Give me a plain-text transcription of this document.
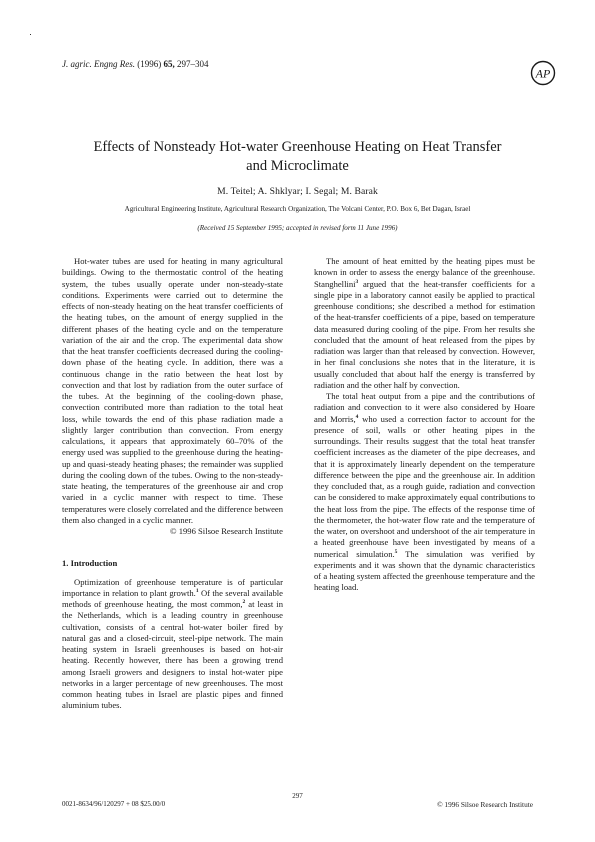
J. agric. Engng Res. (1996) 65, 297–304
AP
Effects of Nonsteady Hot-water Greenhouse Heating on Heat Transfer
and Microclimate
M. Teitel; A. Shklyar; I. Segal; M. Barak
Agricultural Engineering Institute, Agricultural Research Organization, The Volcani Center, P.O. Box 6, Bet Dagan, Israel
(Received 15 September 1995; accepted in revised form 11 June 1996)

Hot-water tubes are used for heating in many agricultural buildings. Owing to the thermostatic control of the heating system, the tubes usually operate under non-steady-state conditions. Experiments were carried out to determine the effects of non-steady heating on the heat transfer coefficients of the heating tubes, on the amount of energy supplied in the different phases of the heating cycle and on the temperature variation of the air and the crop. The experimental data show that the heat transfer coefficients decreased during the cooling-down phase of the heating cycle. In addition, there was a continuous change in the ratio between the heat lost by convection and that lost by radiation from the outer surface of the tubes. At the beginning of the cooling-down phase, convection contributed more than radiation to the total heat loss, while towards the end of this phase radiation made a slightly larger contribution than convection. From energy calculations, it appears that approximately 60–70% of the energy used was supplied to the greenhouse during the heating-up and quasi-steady heating phases; the remainder was supplied during the cooling down of the tubes. Owing to the non-steady-state heating, the temperatures of the greenhouse air and crop varied in a cyclic manner with respect to time. These temperatures were closely correlated and the difference between them also changed in a cyclic manner.

© 1996 Silsoe Research Institute

1. Introduction

Optimization of greenhouse temperature is of particular importance in relation to plant growth.$^1$ Of the several available methods of greenhouse heating, the most common,$^2$ at least in the Netherlands, which is a leading country in greenhouse cultivation, consists of a central hot-water boiler fired by natural gas and a closed-circuit, steel-pipe network. The main heating system in Israeli greenhouses is based on hot-air heating. Recently however, there has been a growing trend among Israeli growers and designers to instal hot-water pipe networks in a larger percentage of new greenhouses. The most common heating tubes in Israel are plastic pipes and finned aluminium tubes.

The amount of heat emitted by the heating pipes must be known in order to assess the energy balance of the greenhouse. Stanghellini$^3$ argued that the heat-transfer coefficients for a single pipe in a laboratory cannot easily be applied to practical greenhouse conditions; she described a method for estimation of the heat-transfer coefficients of a pipe, based on temperature data measured during cooling of the pipe. From her results she concluded that the amount of heat released from the pipes by radiation was larger than that released by convection. However, in her final conclusions she notes that in the literature, it is usually concluded that about half the energy is transferred by radiation and the other half by convection.

The total heat output from a pipe and the contributions of radiation and convection to it were also considered by Hoare and Morris,$^4$ who used a correction factor to account for the presence of soil, walls or other heating pipes in the surroundings. Their results suggest that the total heat transfer coefficient increases as the diameter of the pipe decreases, and that it is approximately linearly dependent on the temperature difference between the pipe and the greenhouse air. In addition they concluded that, as a rough guide, radiation and convection can be considered to make approximately equal contributions to the heat loss from the pipe. The effects of the response time of the thermometer, the hot-water flow rate and the temperature of the water, on overshoot and undershoot of the air temperature in a heated greenhouse have been investigated by means of a numerical simulation.$^5$ The simulation was verified by experiments and it was shown that the dynamic characteristics of a heating system affected the greenhouse temperature and the heating load.

297
0021-8634/96/120297 + 08 $25.00/0	© 1996 Silsoe Research Institute
